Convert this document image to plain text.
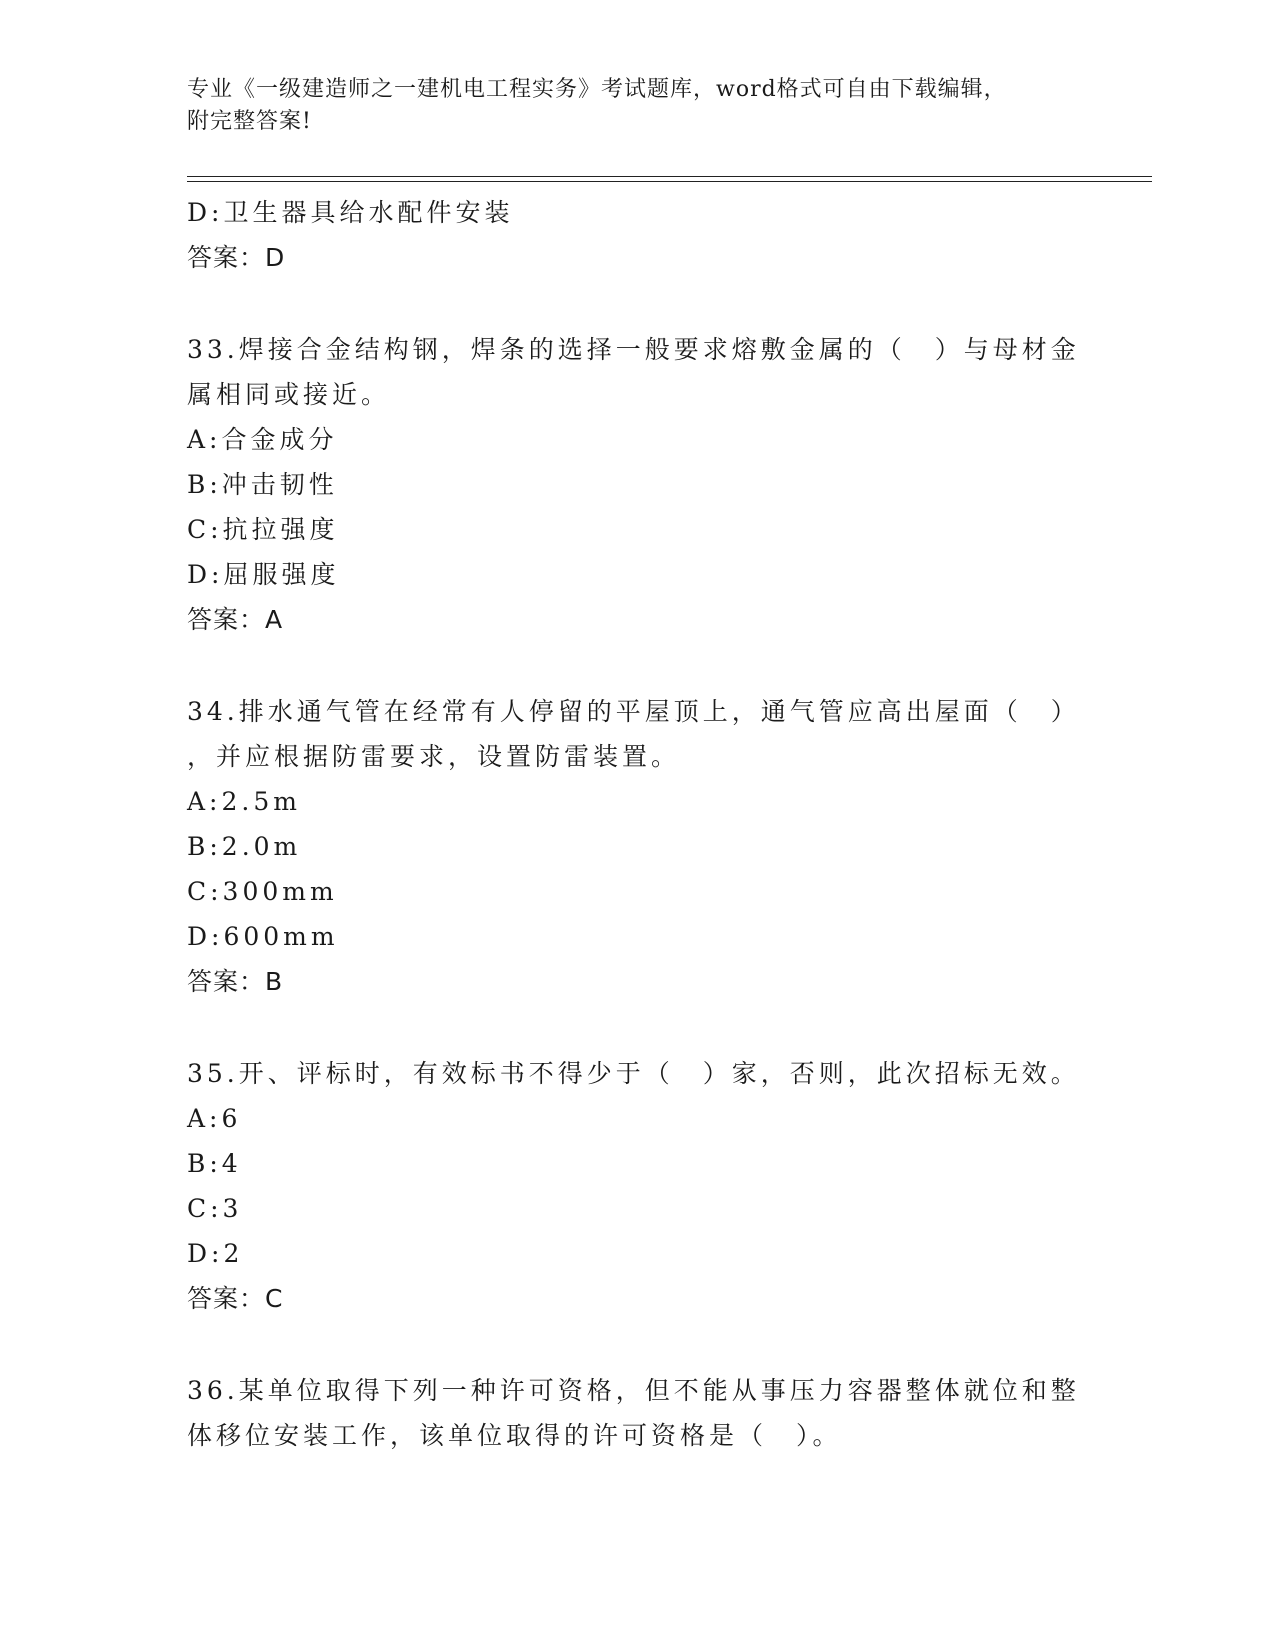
专业《一级建造师之一建机电工程实务》考试题库，word格式可自由下载编辑，
附完整答案!
D:卫生器具给水配件安装
答案：D
33.焊接合金结构钢，焊条的选择一般要求熔敷金属的（　）与母材金
属相同或接近。
A:合金成分
B:冲击韧性
C:抗拉强度
D:屈服强度
答案：A
34.排水通气管在经常有人停留的平屋顶上，通气管应高出屋面（　）
，并应根据防雷要求，设置防雷装置。
A:2.5m
B:2.0m
C:300mm
D:600mm
答案：B
35.开、评标时，有效标书不得少于（　）家，否则，此次招标无效。
A:6
B:4
C:3
D:2
答案：C
36.某单位取得下列一种许可资格，但不能从事压力容器整体就位和整
体移位安装工作，该单位取得的许可资格是（　）。
